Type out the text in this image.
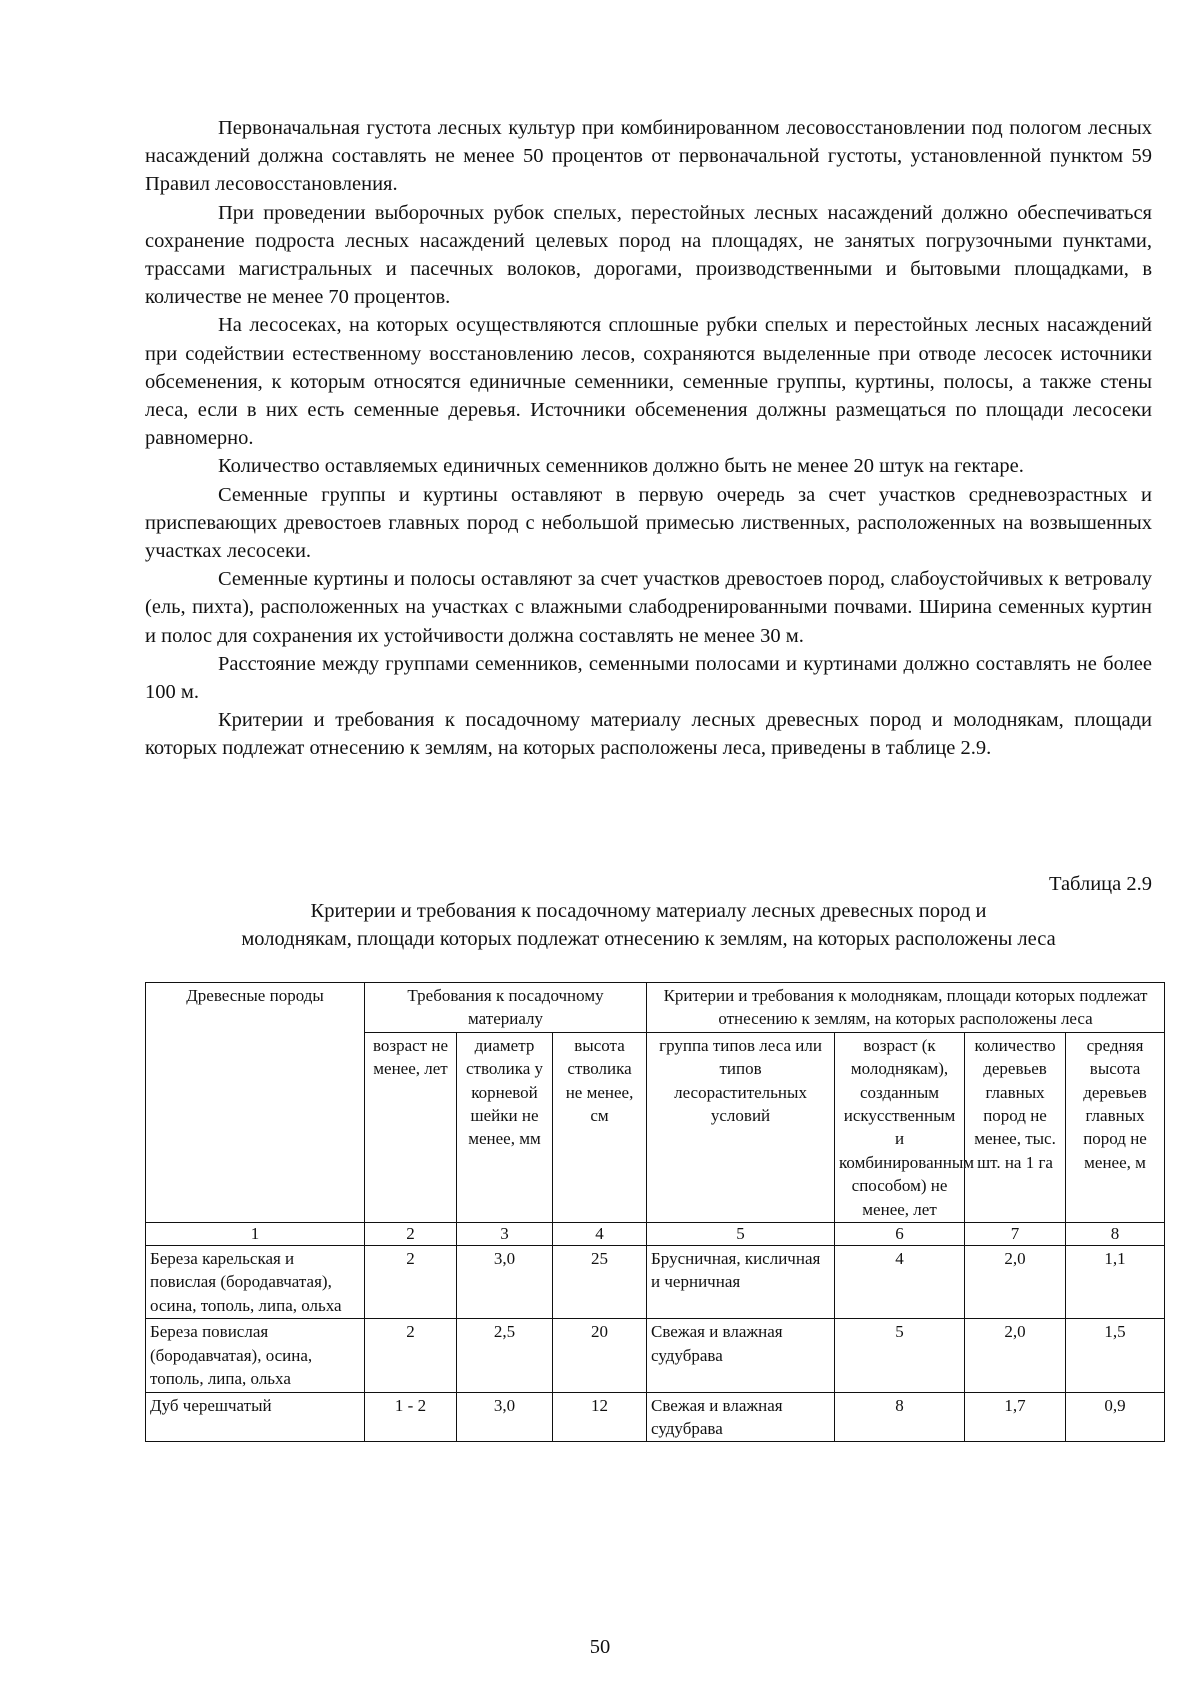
Первоначальная густота лесных культур при комбинированном лесовосстановлении под пологом лесных насаждений должна составлять не менее 50 процентов от первоначальной густоты, установленной пунктом 59 Правил лесовосстановления.

При проведении выборочных рубок спелых, перестойных лесных насаждений должно обеспечиваться сохранение подроста лесных насаждений целевых пород на площадях, не занятых погрузочными пунктами, трассами магистральных и пасечных волоков, дорогами, производственными и бытовыми площадками, в количестве не менее 70 процентов.

На лесосеках, на которых осуществляются сплошные рубки спелых и перестойных лесных насаждений при содействии естественному восстановлению лесов, сохраняются выделенные при отводе лесосек источники обсеменения, к которым относятся единичные семенники, семенные группы, куртины, полосы, а также стены леса, если в них есть семенные деревья. Источники обсеменения должны размещаться по площади лесосеки равномерно.

Количество оставляемых единичных семенников должно быть не менее 20 штук на гектаре.

Семенные группы и куртины оставляют в первую очередь за счет участков средневозрастных и приспевающих древостоев главных пород с небольшой примесью лиственных, расположенных на возвышенных участках лесосеки.

Семенные куртины и полосы оставляют за счет участков древостоев пород, слабоустойчивых к ветровалу (ель, пихта), расположенных на участках с влажными слабодренированными почвами. Ширина семенных куртин и полос для сохранения их устойчивости должна составлять не менее 30 м.

Расстояние между группами семенников, семенными полосами и куртинами должно составлять не более 100 м.

Критерии и требования к посадочному материалу лесных древесных пород и молоднякам, площади которых подлежат отнесению к землям, на которых расположены леса, приведены в таблице 2.9.

Таблица 2.9
Критерии и требования к посадочному материалу лесных древесных пород и
молоднякам, площади которых подлежат отнесению к землям, на которых расположены леса
Древесные породы	Требования к посадочному материалу			Критерии и требования к молоднякам, площади которых подлежат отнесению к землям, на которых расположены леса			
	возраст не менее, лет	диаметр стволика у корневой шейки не менее, мм	высота стволика не менее, см	группа типов леса или типов лесорастительных условий	возраст (к молоднякам), созданным искусственным и комбинированным способом) не менее, лет	количество деревьев главных пород не менее, тыс. шт. на 1 га	средняя высота деревьев главных пород не менее, м
1	2	3	4	5	6	7	8
Береза карельская и повислая (бородавчатая), осина, тополь, липа, ольха	2	3,0	25	Брусничная, кисличная и черничная	4	2,0	1,1
Береза повислая (бородавчатая), осина, тополь, липа, ольха	2	2,5	20	Свежая и влажная судубрава	5	2,0	1,5
Дуб черешчатый	1 - 2	3,0	12	Свежая и влажная судубрава	8	1,7	0,9
50
